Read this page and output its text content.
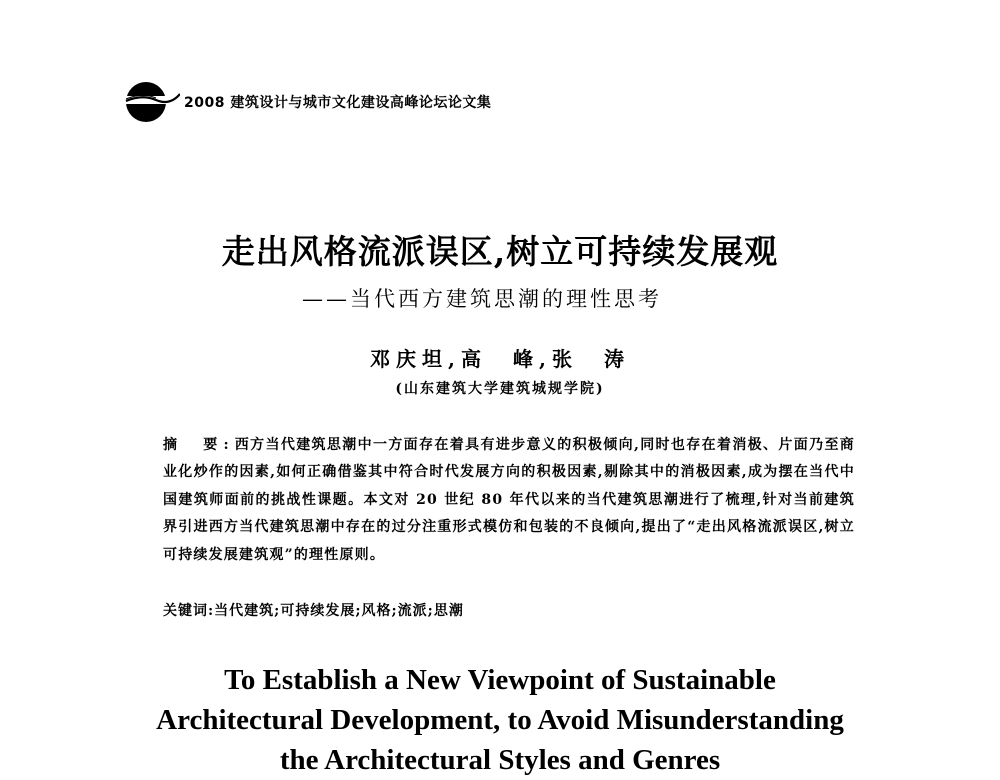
2008 建筑设计与城市文化建设高峰论坛论文集
走出风格流派误区,树立可持续发展观
——当代西方建筑思潮的理性思考
邓庆坦,高　峰,张　涛
(山东建筑大学建筑城规学院)

摘　要:西方当代建筑思潮中一方面存在着具有进步意义的积极倾向,同时也存在着消极、片面乃至商业化炒作的因素,如何正确借鉴其中符合时代发展方向的积极因素,剔除其中的消极因素,成为摆在当代中国建筑师面前的挑战性课题。本文对 20 世纪 80 年代以来的当代建筑思潮进行了梳理,针对当前建筑界引进西方当代建筑思潮中存在的过分注重形式模仿和包装的不良倾向,提出了“走出风格流派误区,树立可持续发展建筑观”的理性原则。

关键词:当代建筑;可持续发展;风格;流派;思潮

To Establish a New Viewpoint of Sustainable
Architectural Development, to Avoid Misunderstanding
the Architectural Styles and Genres
